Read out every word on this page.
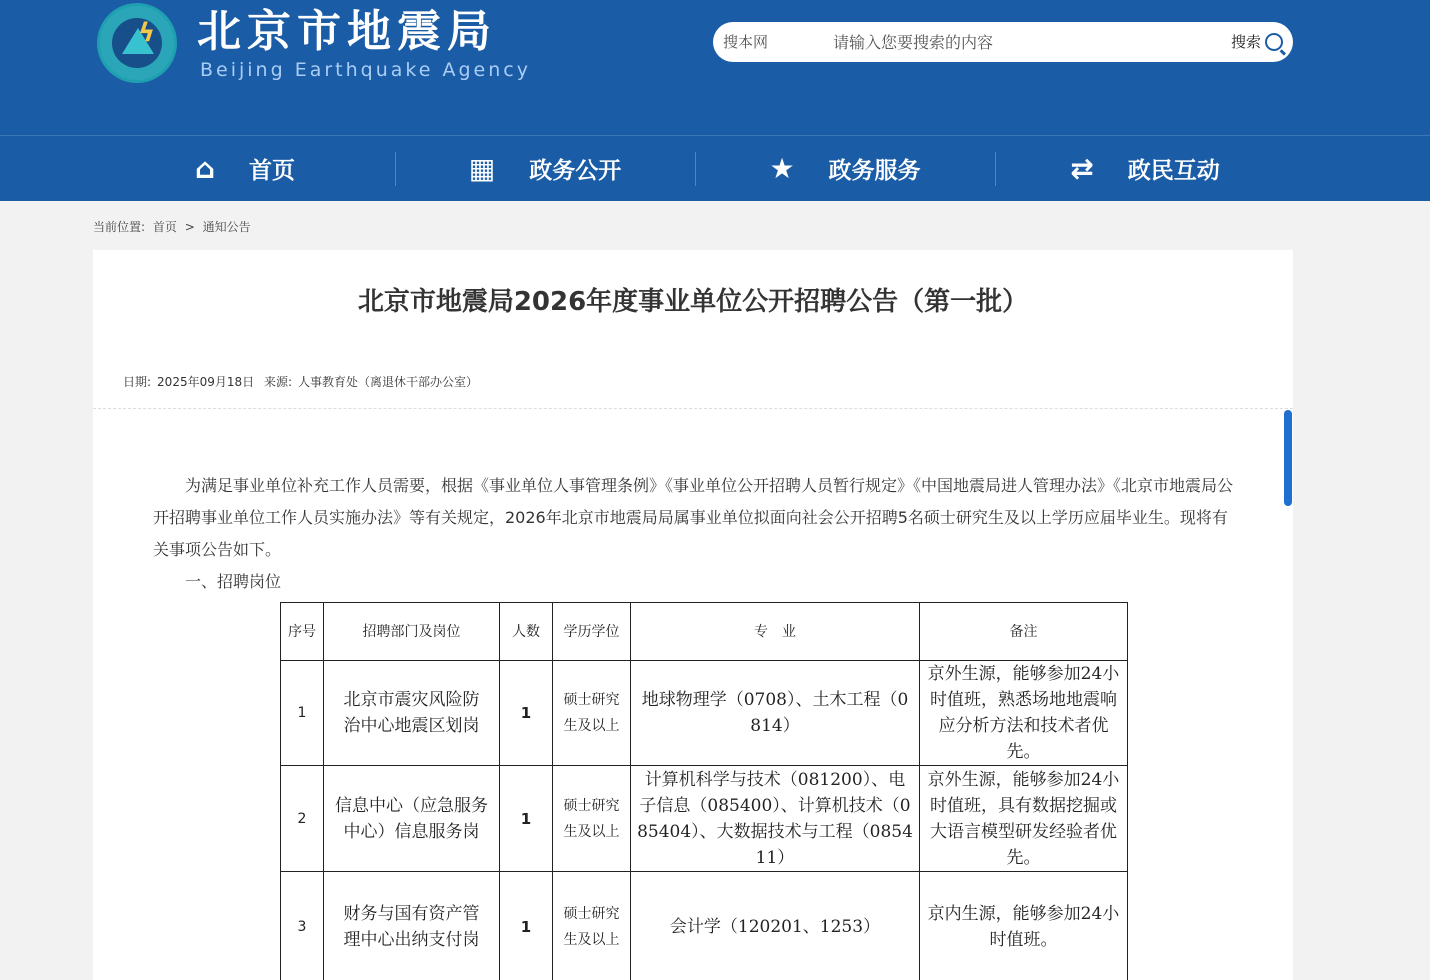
ϟ 北京市地震局
Beijing Earthquake Agency
搜本网
请输入您要搜索的内容	搜索
⌂ 首页	▦ 政务公开	★ 政务服务	⇄ 政民互动
当前位置: 首页 > 通知公告
北京市地震局2026年度事业单位公开招聘公告（第一批）
日期: 2025年09月18日 来源: 人事教育处（离退休干部办公室）
为满足事业单位补充工作人员需要，根据《事业单位人事管理条例》《事业单位公开招聘人员暂行规定》《中国地震局进人管理办法》《北京市地震局公开招聘事业单位工作人员实施办法》等有关规定，2026年北京市地震局局属事业单位拟面向社会公开招聘5名硕士研究生及以上学历应届毕业生。现将有关事项公告如下。
一、招聘岗位
序号	招聘部门及岗位	人数	学历学位	专　业	备注
1	北京市震灾风险防治中心地震区划岗	1	硕士研究生及以上	地球物理学（0708）、土木工程（0814）	京外生源，能够参加24小时值班，熟悉场地地震响应分析方法和技术者优先。
2	信息中心（应急服务中心）信息服务岗	1	硕士研究生及以上	计算机科学与技术（081200）、电子信息（085400）、计算机技术（085404）、大数据技术与工程（085411）	京外生源，能够参加24小时值班，具有数据挖掘或大语言模型研发经验者优先。
3	财务与国有资产管理中心出纳支付岗	1	硕士研究生及以上	会计学（120201、1253）	京内生源，能够参加24小时值班。
